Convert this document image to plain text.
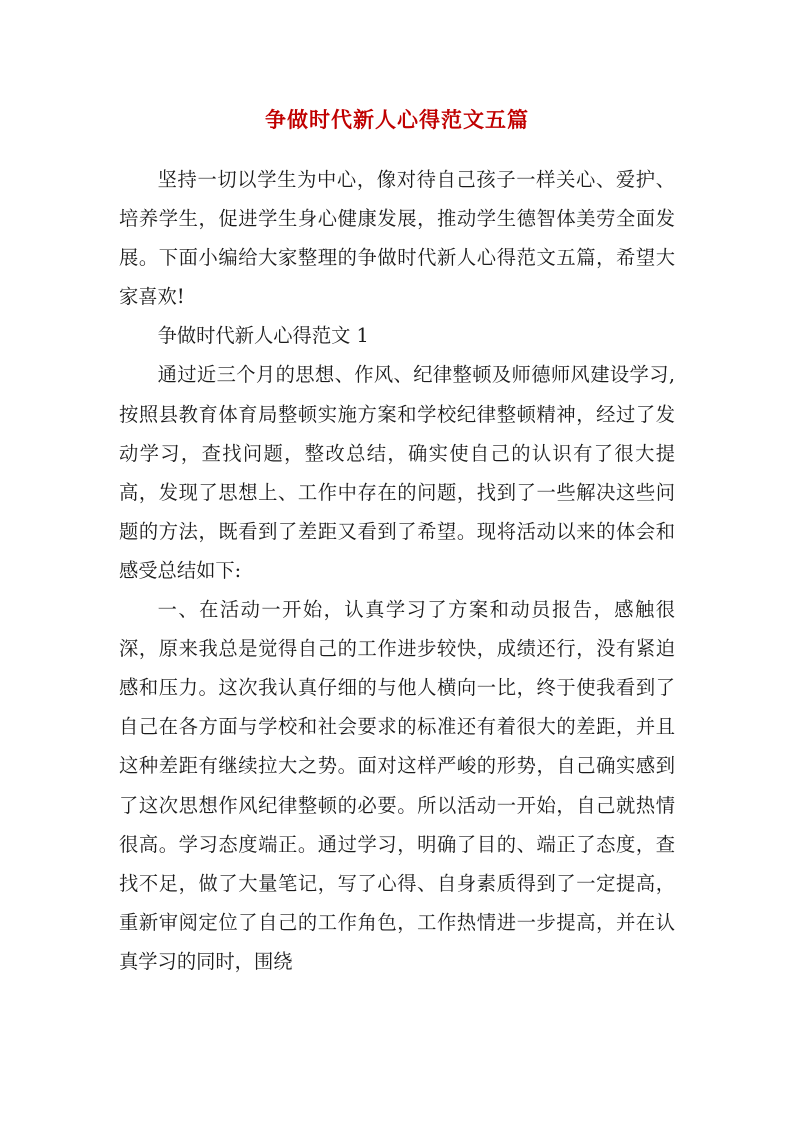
争做时代新人心得范文五篇

坚持一切以学生为中心，像对待自己孩子一样关心、爱护、培养学生，促进学生身心健康发展，推动学生德智体美劳全面发展。下面小编给大家整理的争做时代新人心得范文五篇，希望大家喜欢!

争做时代新人心得范文 1

通过近三个月的思想、作风、纪律整顿及师德师风建设学习,按照县教育体育局整顿实施方案和学校纪律整顿精神，经过了发动学习，查找问题，整改总结，确实使自己的认识有了很大提高，发现了思想上、工作中存在的问题，找到了一些解决这些问题的方法，既看到了差距又看到了希望。现将活动以来的体会和感受总结如下:

一、在活动一开始，认真学习了方案和动员报告，感触很深，原来我总是觉得自己的工作进步较快，成绩还行，没有紧迫感和压力。这次我认真仔细的与他人横向一比，终于使我看到了自己在各方面与学校和社会要求的标准还有着很大的差距，并且这种差距有继续拉大之势。面对这样严峻的形势，自己确实感到了这次思想作风纪律整顿的必要。所以活动一开始，自己就热情很高。学习态度端正。通过学习，明确了目的、端正了态度，查找不足，做了大量笔记，写了心得、自身素质得到了一定提高，重新审阅定位了自己的工作角色，工作热情进一步提高，并在认真学习的同时，围绕
